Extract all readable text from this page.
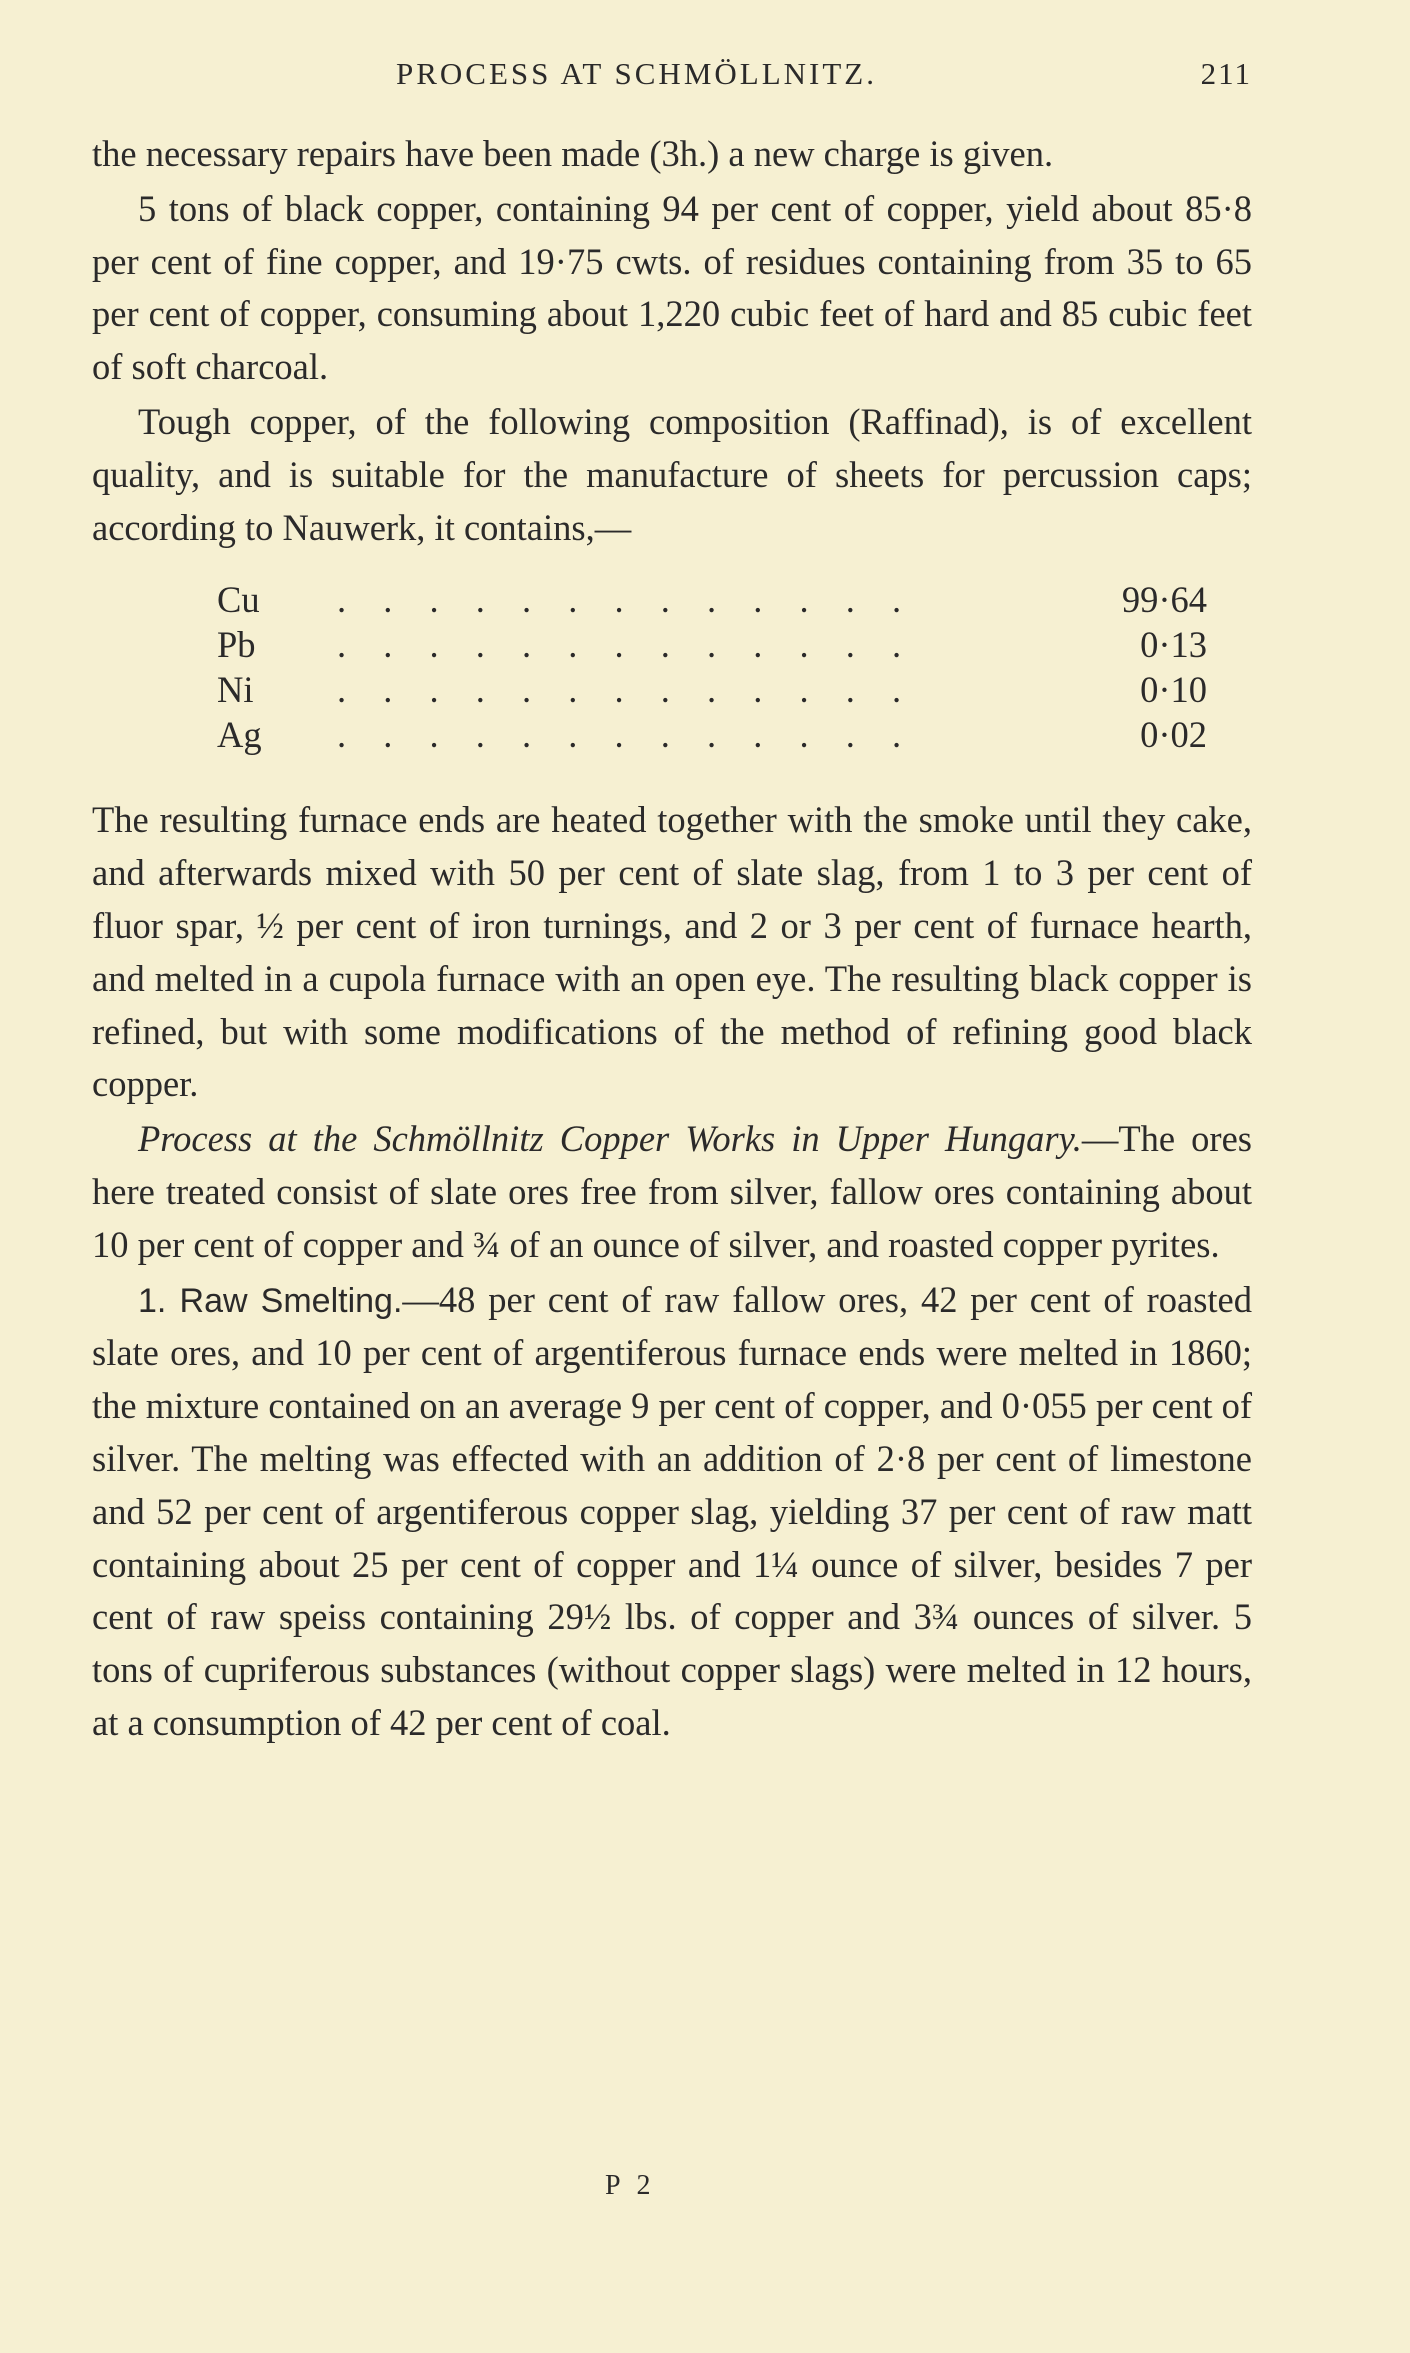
PROCESS AT SCHMÖLLNITZ.	211

the necessary repairs have been made (3h.) a new charge is given.

5 tons of black copper, containing 94 per cent of copper, yield about 85·8 per cent of fine copper, and 19·75 cwts. of residues containing from 35 to 65 per cent of copper, consuming about 1,220 cubic feet of hard and 85 cubic feet of soft charcoal.

Tough copper, of the following composition (Raffinad), is of excellent quality, and is suitable for the manufacture of sheets for percussion caps; according to Nauwerk, it contains,—

Cu	. . . . . . . . . . . . .	99·64
Pb	. . . . . . . . . . . . .	0·13
Ni	. . . . . . . . . . . . .	0·10
Ag	. . . . . . . . . . . . .	0·02

The resulting furnace ends are heated together with the smoke until they cake, and afterwards mixed with 50 per cent of slate slag, from 1 to 3 per cent of fluor spar, ½ per cent of iron turnings, and 2 or 3 per cent of furnace hearth, and melted in a cupola furnace with an open eye. The resulting black copper is refined, but with some modifications of the method of refining good black copper.

Process at the Schmöllnitz Copper Works in Upper Hungary.—The ores here treated consist of slate ores free from silver, fallow ores containing about 10 per cent of copper and ¾ of an ounce of silver, and roasted copper pyrites.

1. Raw Smelting.—48 per cent of raw fallow ores, 42 per cent of roasted slate ores, and 10 per cent of argentiferous furnace ends were melted in 1860; the mixture contained on an average 9 per cent of copper, and 0·055 per cent of silver. The melting was effected with an addition of 2·8 per cent of limestone and 52 per cent of argentiferous copper slag, yielding 37 per cent of raw matt containing about 25 per cent of copper and 1¼ ounce of silver, besides 7 per cent of raw speiss containing 29½ lbs. of copper and 3¾ ounces of silver. 5 tons of cupriferous substances (without copper slags) were melted in 12 hours, at a consumption of 42 per cent of coal.

P 2
